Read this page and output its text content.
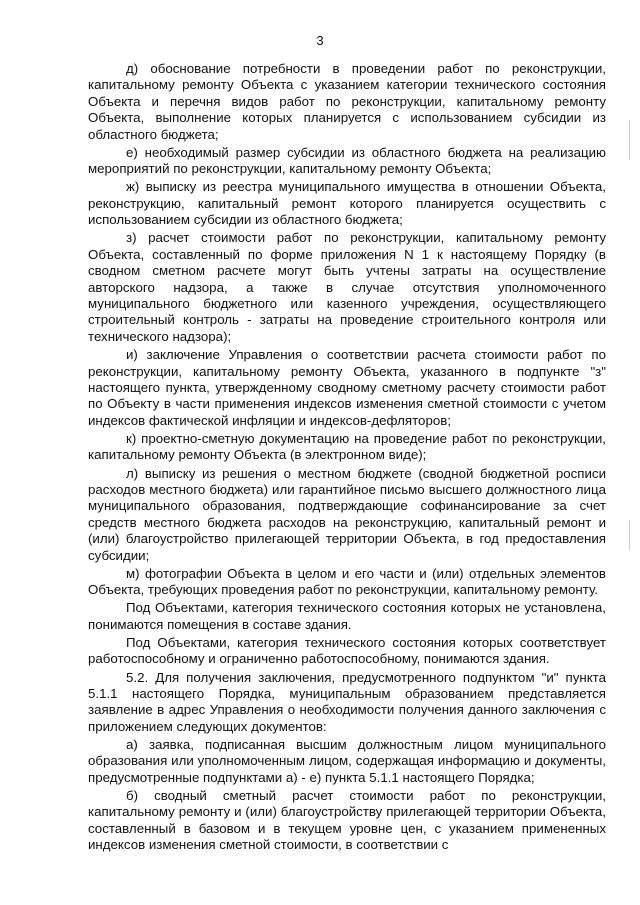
3

д) обоснование потребности в проведении работ по реконструкции, капитальному ремонту Объекта с указанием категории технического состояния Объекта и перечня видов работ по реконструкции, капитальному ремонту Объекта, выполнение которых планируется с использованием субсидии из областного бюджета;

е) необходимый размер субсидии из областного бюджета на реализацию мероприятий по реконструкции, капитальному ремонту Объекта;

ж) выписку из реестра муниципального имущества в отношении Объекта, реконструкцию, капитальный ремонт которого планируется осуществить с использованием субсидии из областного бюджета;

з) расчет стоимости работ по реконструкции, капитальному ремонту Объекта, составленный по форме приложения N 1 к настоящему Порядку (в сводном сметном расчете могут быть учтены затраты на осуществление авторского надзора, а также в случае отсутствия уполномоченного муниципального бюджетного или казенного учреждения, осуществляющего строительный контроль - затраты на проведение строительного контроля или технического надзора);

и) заключение Управления о соответствии расчета стоимости работ по реконструкции, капитальному ремонту Объекта, указанного в подпункте "з" настоящего пункта, утвержденному сводному сметному расчету стоимости работ по Объекту в части применения индексов изменения сметной стоимости с учетом индексов фактической инфляции и индексов-дефляторов;

к) проектно-сметную документацию на проведение работ по реконструкции, капитальному ремонту Объекта (в электронном виде);

л) выписку из решения о местном бюджете (сводной бюджетной росписи расходов местного бюджета) или гарантийное письмо высшего должностного лица муниципального образования, подтверждающие софинансирование за счет средств местного бюджета расходов на реконструкцию, капитальный ремонт и (или) благоустройство прилегающей территории Объекта, в год предоставления субсидии;

м) фотографии Объекта в целом и его части и (или) отдельных элементов Объекта, требующих проведения работ по реконструкции, капитальному ремонту.

Под Объектами, категория технического состояния которых не установлена, понимаются помещения в составе здания.

Под Объектами, категория технического состояния которых соответствует работоспособному и ограниченно работоспособному, понимаются здания.

5.2. Для получения заключения, предусмотренного подпунктом "и" пункта 5.1.1 настоящего Порядка, муниципальным образованием представляется заявление в адрес Управления о необходимости получения данного заключения с приложением следующих документов:

а) заявка, подписанная высшим должностным лицом муниципального образования или уполномоченным лицом, содержащая информацию и документы, предусмотренные подпунктами а) - е) пункта 5.1.1 настоящего Порядка;

б) сводный сметный расчет стоимости работ по реконструкции, капитальному ремонту и (или) благоустройству прилегающей территории Объекта, составленный в базовом и в текущем уровне цен, с указанием примененных индексов изменения сметной стоимости, в соответствии с
